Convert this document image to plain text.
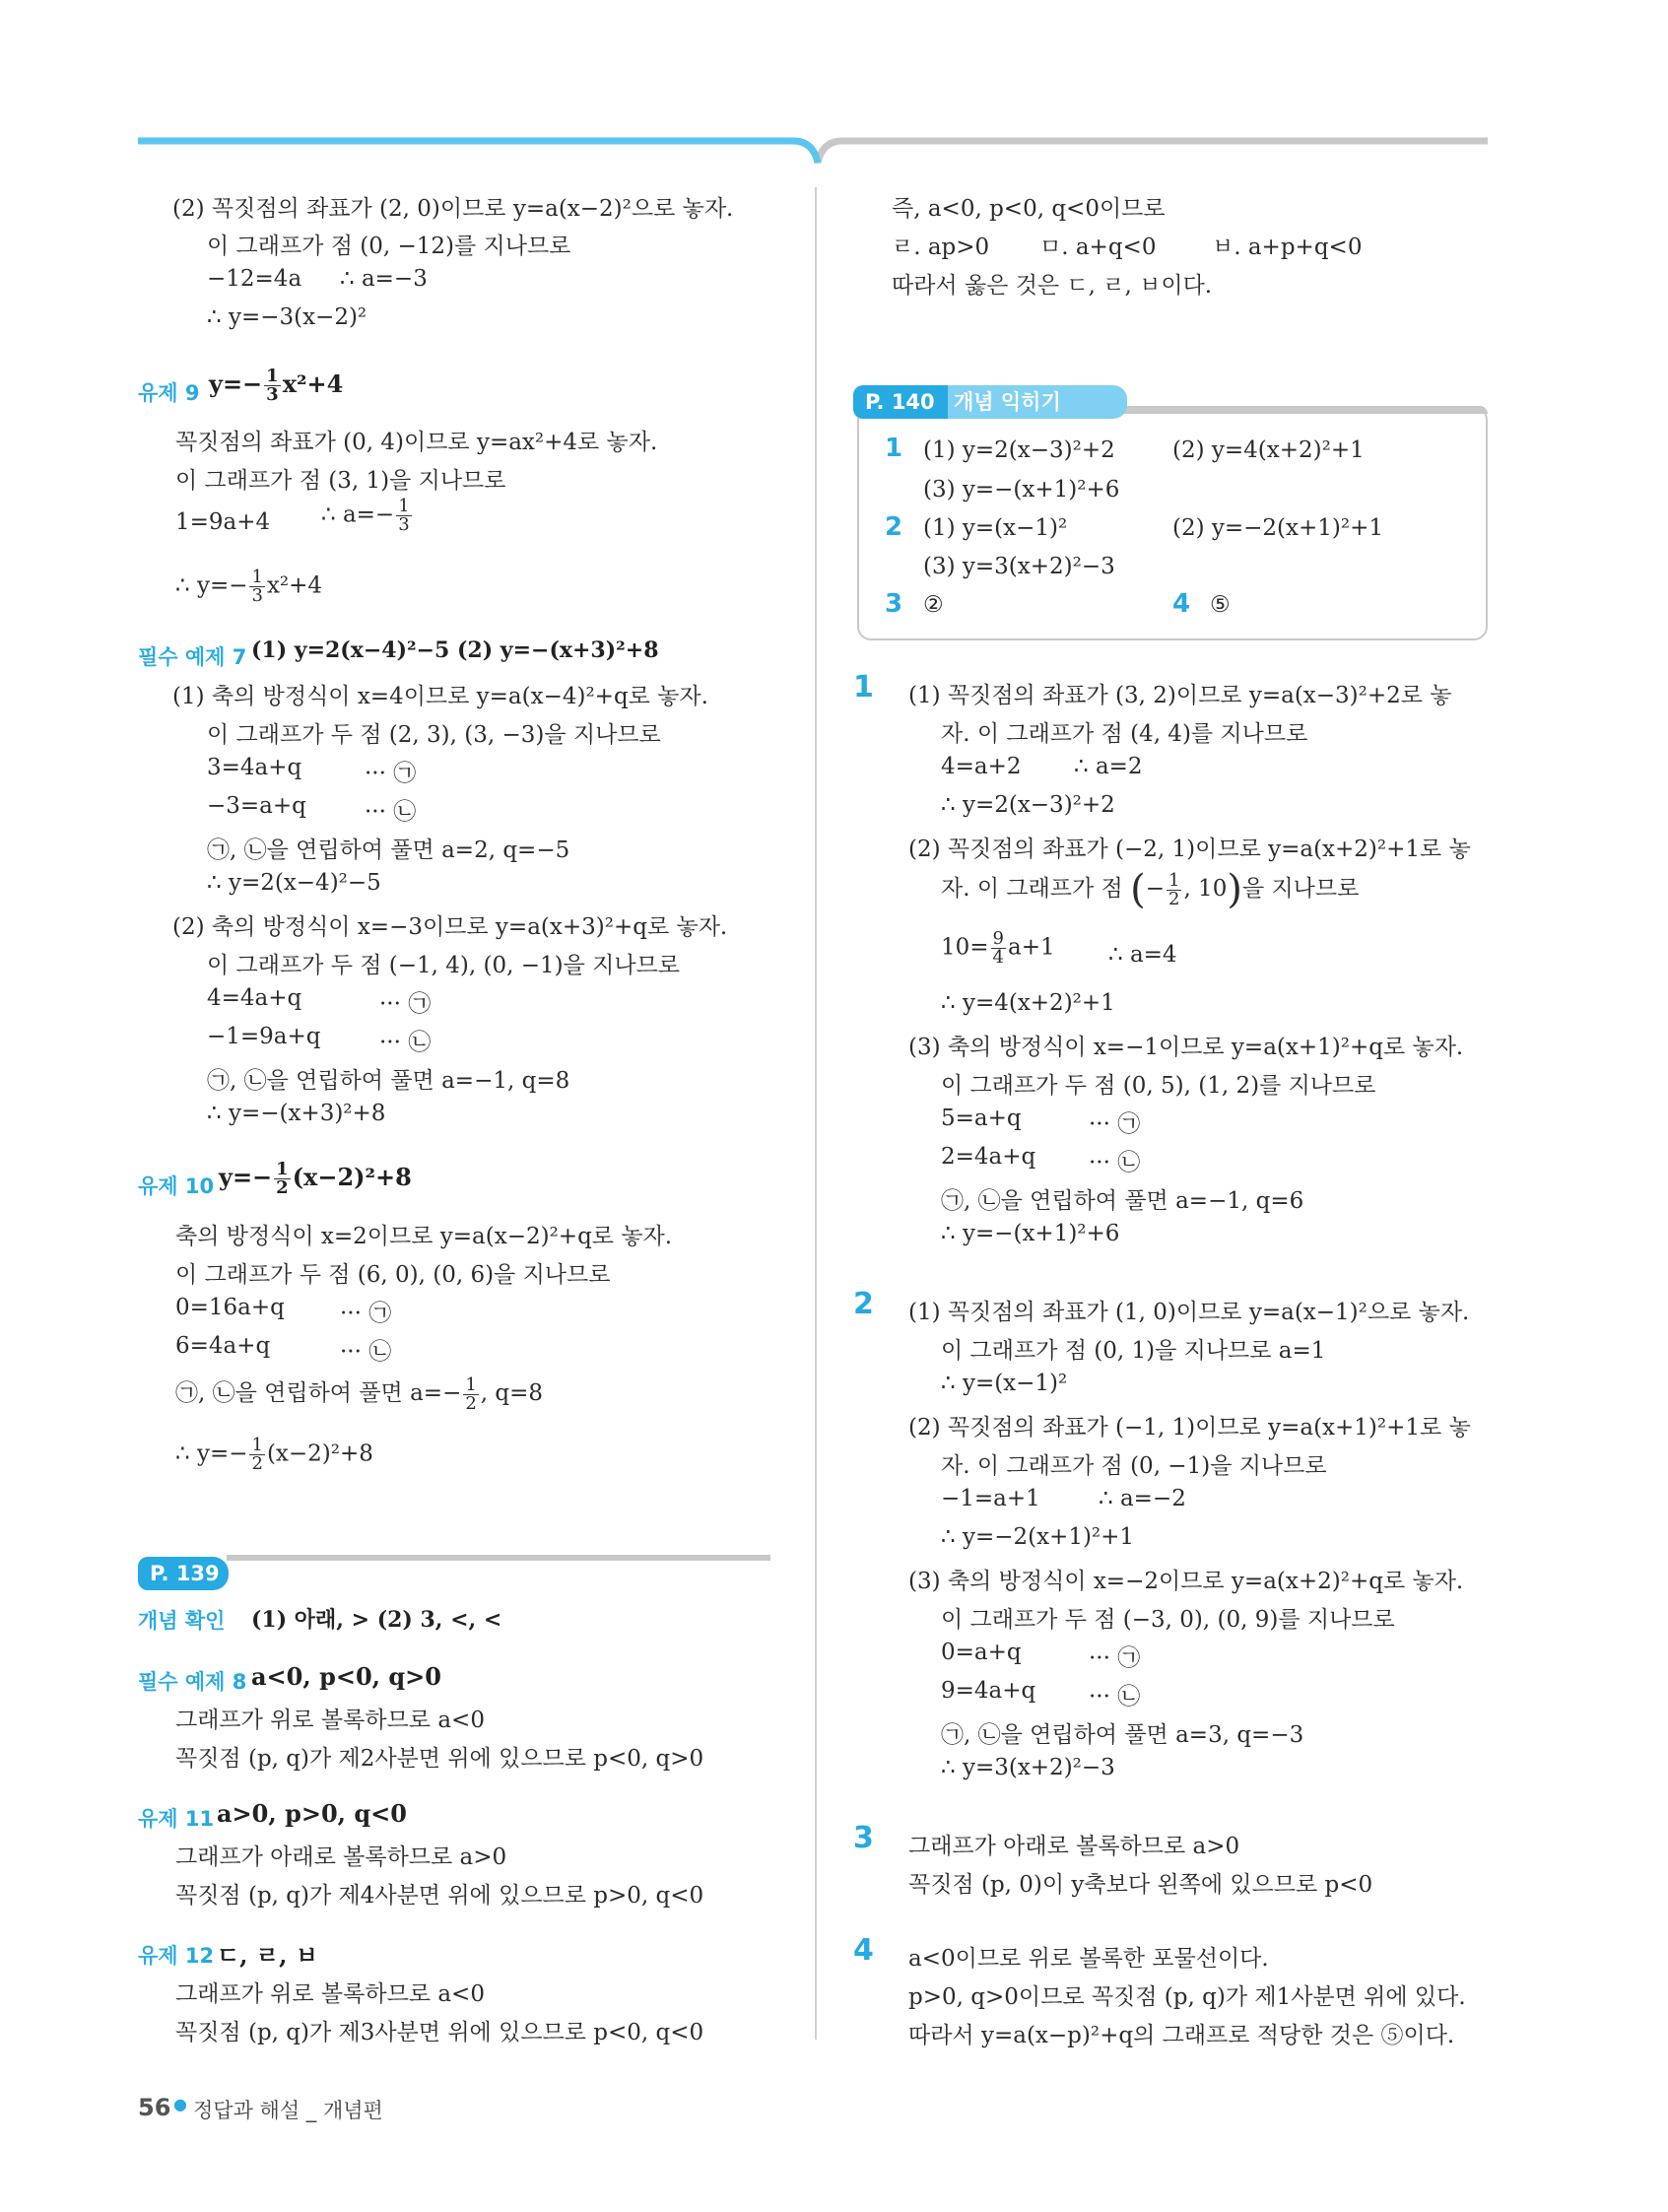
(2) 꼭짓점의 좌표가 (2, 0)이므로 y=a(x−2)²으로 놓자.
이 그래프가 점 (0, −12)를 지나므로
−12=4a ∴ a=−3
∴ y=−3(x−2)²
유제 9 $y=- \frac{1}{3} x^2+4$
꼭짓점의 좌표가 (0, 4)이므로 y=ax²+4로 놓자.
이 그래프가 점 (3, 1)을 지나므로
1=9a+4 ∴ $a=- \frac{1}{3}$
∴ $y=- \frac{1}{3} x^2+4$
필수 예제 7 (1) y=2(x−4)²−5 (2) y=−(x+3)²+8
(1) 축의 방정식이 x=4이므로 y=a(x−4)²+q로 놓자.
이 그래프가 두 점 (2, 3), (3, −3)을 지나므로
3=4a+q	··· ㉠
−3=a+q	··· ㉡
㉠, ㉡을 연립하여 풀면 a=2, q=−5
∴ y=2(x−4)²−5
(2) 축의 방정식이 x=−3이므로 y=a(x+3)²+q로 놓자.
이 그래프가 두 점 (−1, 4), (0, −1)을 지나므로
4=4a+q	··· ㉠
−1=9a+q	··· ㉡
㉠, ㉡을 연립하여 풀면 a=−1, q=8
∴ y=−(x+3)²+8
유제 10 $y=- \frac{1}{2} (x-2)^2+8$
축의 방정식이 x=2이므로 y=a(x−2)²+q로 놓자.
이 그래프가 두 점 (6, 0), (0, 6)을 지나므로
0=16a+q ··· ㉠
6=4a+q	··· ㉡
㉠, ㉡을 연립하여 풀면 $a=- \frac{1}{2}$ , q=8
∴ $y=- \frac{1}{2} (x-2)^2+8$
P. 139
개념 확인 (1) 아래, > (2) 3, <, <
필수 예제 8 a<0, p<0, q>0
그래프가 위로 볼록하므로 a<0
꼭짓점 (p, q)가 제2사분면 위에 있으므로 p<0, q>0
유제 11 a>0, p>0, q<0
그래프가 아래로 볼록하므로 a>0
꼭짓점 (p, q)가 제4사분면 위에 있으므로 p>0, q<0
유제 12 ㄷ, ㄹ, ㅂ
그래프가 위로 볼록하므로 a<0
꼭짓점 (p, q)가 제3사분면 위에 있으므로 p<0, q<0
즉, a<0, p<0, q<0이므로
ㄹ. ap>0 ㅁ. a+q<0 ㅂ. a+p+q<0
따라서 옳은 것은 ㄷ, ㄹ, ㅂ이다.
개념 익히기
P. 140
1 (1) y=2(x−3)²+2	(2) y=4(x+2)²+1
(3) y=−(x+1)²+6
2 (1) y=(x−1)²	(2) y=−2(x+1)²+1
(3) y=3(x+2)²−3
3 ②	4 ⑤
1 (1) 꼭짓점의 좌표가 (3, 2)이므로 y=a(x−3)²+2로 놓
자. 이 그래프가 점 (4, 4)를 지나므로
4=a+2 ∴ a=2
∴ y=2(x−3)²+2
(2) 꼭짓점의 좌표가 (−2, 1)이므로 y=a(x+2)²+1로 놓
자. 이 그래프가 점 (− $\frac{1}{2}$ , 10)을 지나므로
$10= \frac{9}{4} a+1$ ∴ a=4
∴ y=4(x+2)²+1
(3) 축의 방정식이 x=−1이므로 y=a(x+1)²+q로 놓자.
이 그래프가 두 점 (0, 5), (1, 2)를 지나므로
5=a+q	··· ㉠
2=4a+q ··· ㉡
㉠, ㉡을 연립하여 풀면 a=−1, q=6
∴ y=−(x+1)²+6
2 (1) 꼭짓점의 좌표가 (1, 0)이므로 y=a(x−1)²으로 놓자.
이 그래프가 점 (0, 1)을 지나므로 a=1
∴ y=(x−1)²
(2) 꼭짓점의 좌표가 (−1, 1)이므로 y=a(x+1)²+1로 놓
자. 이 그래프가 점 (0, −1)을 지나므로
−1=a+1	∴ a=−2
∴ y=−2(x+1)²+1
(3) 축의 방정식이 x=−2이므로 y=a(x+2)²+q로 놓자.
이 그래프가 두 점 (−3, 0), (0, 9)를 지나므로
0=a+q	··· ㉠
9=4a+q ··· ㉡
㉠, ㉡을 연립하여 풀면 a=3, q=−3
∴ y=3(x+2)²−3
3 그래프가 아래로 볼록하므로 a>0
꼭짓점 (p, 0)이 y축보다 왼쪽에 있으므로 p<0
4 a<0이므로 위로 볼록한 포물선이다.
p>0, q>0이므로 꼭짓점 (p, q)가 제1사분면 위에 있다.
따라서 y=a(x−p)²+q의 그래프로 적당한 것은 ⑤이다.
56 ● 정답과 해설 _ 개념편
